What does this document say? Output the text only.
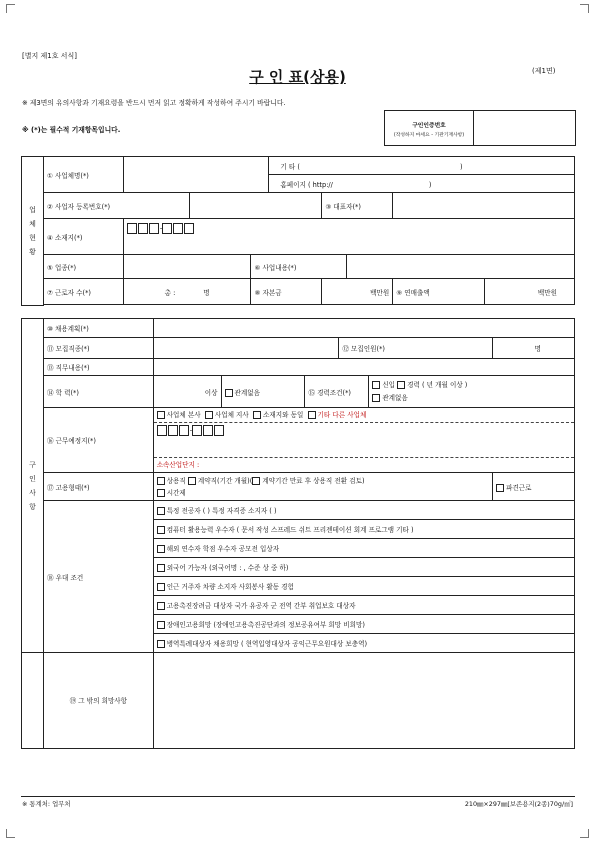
[별지 제1호 서식]
구 인 표(상용)	(제1면)
※ 제3면의 유의사항과 기재요령을 반드시 먼저 읽고 정확하게 작성하여 주시기 바랍니다.
※ (*)는 필수적 기재항목입니다.	구인인증번호
(작성하지 마세요 - 기관기재사항)
업체현황	① 사업체명(*)				기 타 ( )				
					홈페이지 ( http:// )				
	② 사업자 등록번호(*)					③ 대표자(*)			
	④ 소재지(*)	-							
	⑤ 업종(*)			⑥ 사업내용(*)					
	⑦ 근로자 수(*)	총 : 명		⑧ 자본금		백만원		⑨ 연매출액	백만원

구인사항	⑩ 채용계획(*)						
	⑪ 모집직종(*)				⑫ 모집인원(*)		명
	⑬ 직무내용(*)						
	⑭ 학 력(*)	이상	관계없음	⑮ 경력조건(*)		신입 경력 ( 년 개월 이상 )
관계없음	
	⑯ 근무예정지(*)	사업체 본사 사업체 지사 소재지와 동일 기타 다른 사업체
-
소속산업단지 :					

	⑰ 고용형태(*)	상용직 계약직(기간 개월)( 계약기간 만료 후 상용직 전환 검토)
시간제					파견근로
	⑱ 우대 조건	특정 전공자 ( ) 특정 자격증 소지자 ( )					
		컴퓨터 활용능력 우수자 ( 문서 작성 스프레드 쉬트 프리젠테이션 회계 프로그램 기타 )					
		해외 연수자 학점 우수자 공모전 입상자					
		외국어 가능자 (외국어명 : , 수준 상 중 하)					
		인근 거주자 차량 소지자 사회봉사 활동 경험					
		고용촉진장려금 대상자 국가 유공자 군 전역 간부 취업보호 대상자					
		장애인고용희망 (장애인고용촉진공단과의 정보공유여부 희망 비희망)					
		병역특례대상자 채용희망 ( 현역입영대상자 공익근무요원대상 보충역)					
	⑲ 그 밖의 희망사항						
※ 통계처: 업무처	210㎜×297㎜[보존용지(2종)70g/㎡]
